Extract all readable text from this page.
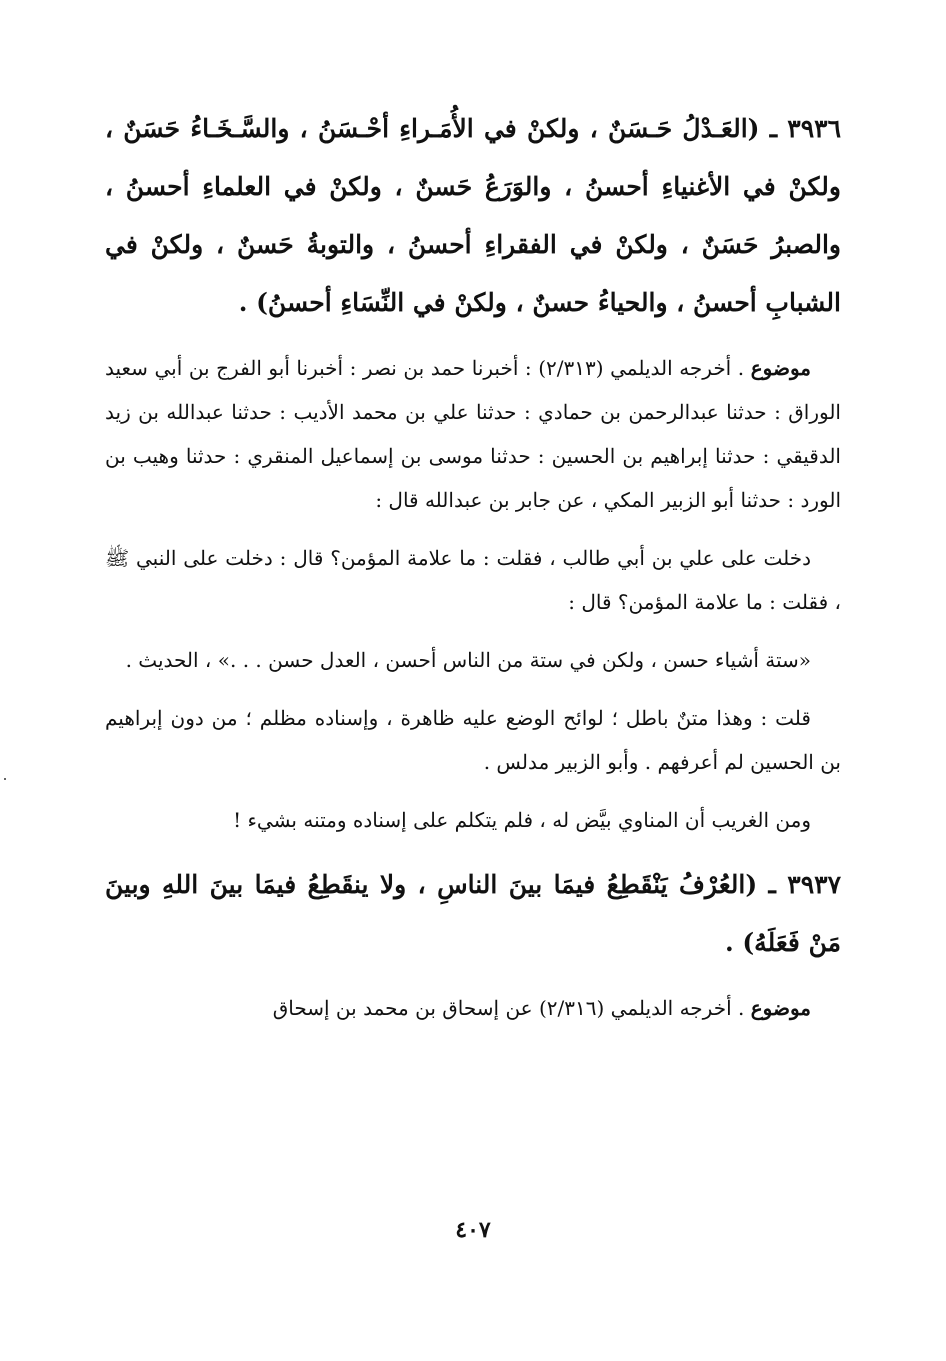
٣٩٣٦ ـ (العَـدْلُ حَـسَنٌ ، ولكنْ في الأُمَـراءِ أحْـسَنُ ، والسَّـخَـاءُ حَسَنٌ ، ولكنْ في الأغنياءِ أحسنُ ، والوَرَعُ حَسنٌ ، ولكنْ في العلماءِ أحسنُ ، والصبرُ حَسَنٌ ، ولكنْ في الفقراءِ أحسنُ ، والتوبةُ حَسنٌ ، ولكنْ في الشبابِ أحسنُ ، والحياءُ حسنٌ ، ولكنْ في النِّسَاءِ أحسنُ) .

موضوع . أخرجه الديلمي (٢/٣١٣) : أخبرنا حمد بن نصر : أخبرنا أبو الفرج بن أبي سعيد الوراق : حدثنا عبدالرحمن بن حمادي : حدثنا علي بن محمد الأديب : حدثنا عبدالله بن زيد الدقيقي : حدثنا إبراهيم بن الحسين : حدثنا موسى بن إسماعيل المنقري : حدثنا وهيب بن الورد : حدثنا أبو الزبير المكي ، عن جابر بن عبدالله قال :

دخلت على علي بن أبي طالب ، فقلت : ما علامة المؤمن؟ قال : دخلت على النبي ﷺ ، فقلت : ما علامة المؤمن؟ قال :

«ستة أشياء حسن ، ولكن في ستة من الناس أحسن ، العدل حسن . . .» ، الحديث .

قلت : وهذا متنٌ باطل ؛ لوائح الوضع عليه ظاهرة ، وإسناده مظلم ؛ من دون إبراهيم بن الحسين لم أعرفهم . وأبو الزبير مدلس .

ومن الغريب أن المناوي بيَّض له ، فلم يتكلم على إسناده ومتنه بشيء !

٣٩٣٧ ـ (العُرْفُ يَنْقَطِعُ فيمَا بينَ الناسِ ، ولا ينقَطِعُ فيمَا بينَ اللهِ وبينَ مَنْ فَعَلَهُ) .

موضوع . أخرجه الديلمي (٢/٣١٦) عن إسحاق بن محمد بن إسحاق

٤٠٧
